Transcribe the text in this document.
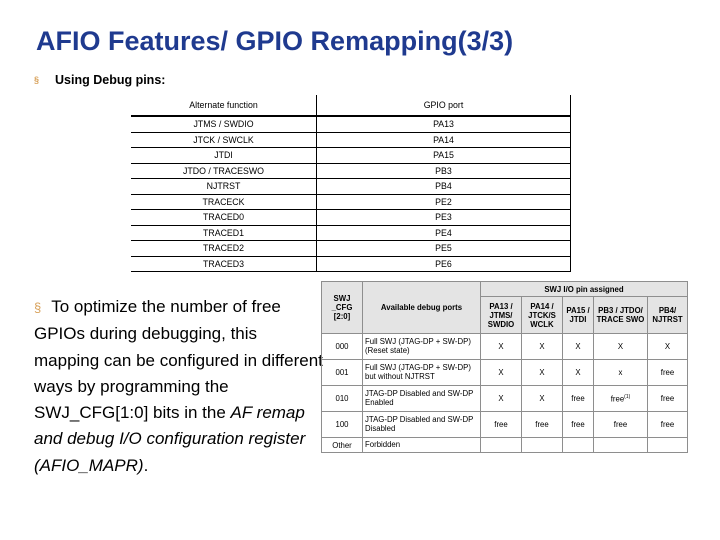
AFIO Features/ GPIO Remapping(3/3)
§ Using Debug pins:
Alternate function	GPIO port
JTMS / SWDIO	PA13
JTCK / SWCLK	PA14
JTDI	PA15
JTDO / TRACESWO	PB3
NJTRST	PB4
TRACECK	PE2
TRACED0	PE3
TRACED1	PE4
TRACED2	PE5
TRACED3	PE6
§ To optimize the number of free GPIOs during debugging, this mapping can be configured in different ways by programming the SWJ_CFG[1:0] bits in the AF remap and debug I/O configuration register (AFIO_MAPR).
SWJ _CFG [2:0]	Available debug ports	SWJ I/O pin assigned				
		PA13 / JTMS/ SWDIO	PA14 / JTCK/S WCLK	PA15 / JTDI	PB3 / JTDO/ TRACE SWO	PB4/ NJTRST
000	Full SWJ (JTAG-DP + SW-DP) (Reset state)	X	X	X	X	X
001	Full SWJ (JTAG-DP + SW-DP) but without NJTRST	X	X	X	x	free
010	JTAG-DP Disabled and SW-DP Enabled	X	X	free	free$^{(1)}$	free
100	JTAG-DP Disabled and SW-DP Disabled	free	free	free	free	free
Other	Forbidden					
